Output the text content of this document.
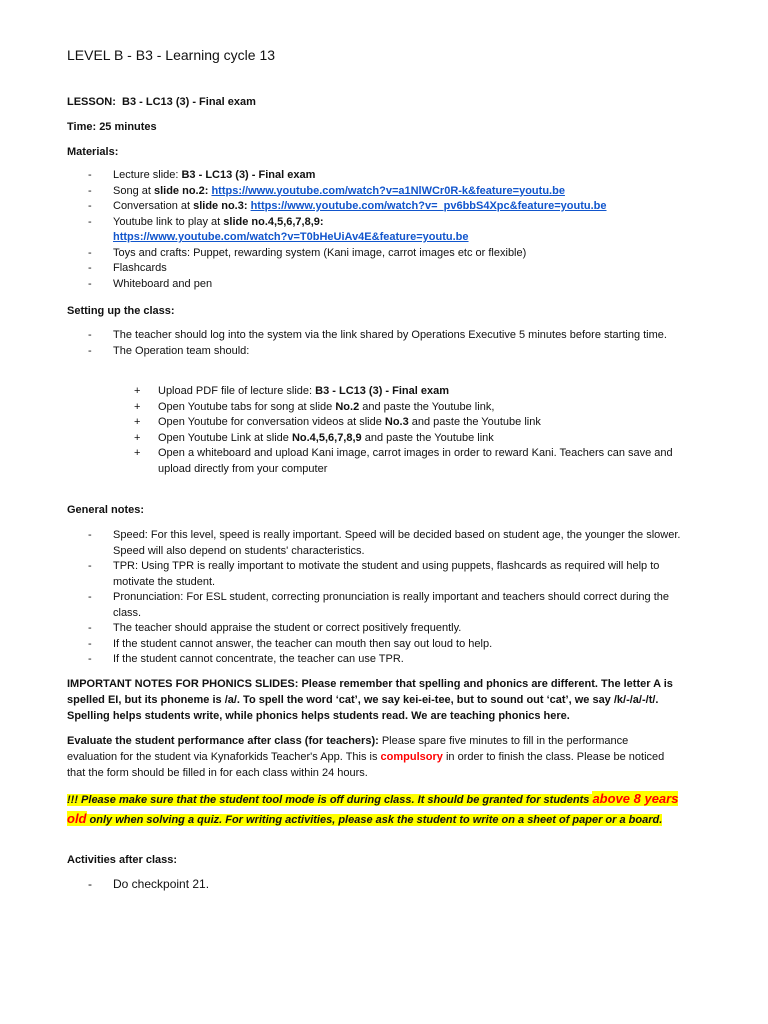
LEVEL B - B3 - Learning cycle 13
LESSON: B3 - LC13 (3) - Final exam
Time: 25 minutes
Materials:
- Lecture slide: B3 - LC13 (3) - Final exam
- Song at slide no.2: https://www.youtube.com/watch?v=a1NlWCr0R-k&feature=youtu.be
- Conversation at slide no.3: https://www.youtube.com/watch?v=_pv6bbS4Xpc&feature=youtu.be
- Youtube link to play at slide no.4,5,6,7,8,9:
https://www.youtube.com/watch?v=T0bHeUiAv4E&feature=youtu.be
- Toys and crafts: Puppet, rewarding system (Kani image, carrot images etc or flexible)
- Flashcards
- Whiteboard and pen
Setting up the class:
- The teacher should log into the system via the link shared by Operations Executive 5 minutes before starting time.
- The Operation team should:
+ Upload PDF file of lecture slide: B3 - LC13 (3) - Final exam
+ Open Youtube tabs for song at slide No.2 and paste the Youtube link,
+ Open Youtube for conversation videos at slide No.3 and paste the Youtube link
+ Open Youtube Link at slide No.4,5,6,7,8,9 and paste the Youtube link
+ Open a whiteboard and upload Kani image, carrot images in order to reward Kani. Teachers can save and upload directly from your computer
General notes:
- Speed: For this level, speed is really important. Speed will be decided based on student age, the younger the slower. Speed will also depend on students' characteristics.
- TPR: Using TPR is really important to motivate the student and using puppets, flashcards as required will help to motivate the student.
- Pronunciation: For ESL student, correcting pronunciation is really important and teachers should correct during the class.
- The teacher should appraise the student or correct positively frequently.
- If the student cannot answer, the teacher can mouth then say out loud to help.
- If the student cannot concentrate, the teacher can use TPR.
IMPORTANT NOTES FOR PHONICS SLIDES: Please remember that spelling and phonics are different. The letter A is spelled EI, but its phoneme is /a/. To spell the word ‘cat’, we say kei-ei-tee, but to sound out ‘cat’, we say /k/-/a/-/t/. Spelling helps students write, while phonics helps students read. We are teaching phonics here.
Evaluate the student performance after class (for teachers): Please spare five minutes to fill in the performance evaluation for the student via Kynaforkids Teacher's App. This is compulsory in order to finish the class. Please be noticed that the form should be filled in for each class within 24 hours.
!!! Please make sure that the student tool mode is off during class. It should be granted for students above 8 years old only when solving a quiz. For writing activities, please ask the student to write on a sheet of paper or a board.
Activities after class:
- Do checkpoint 21.
